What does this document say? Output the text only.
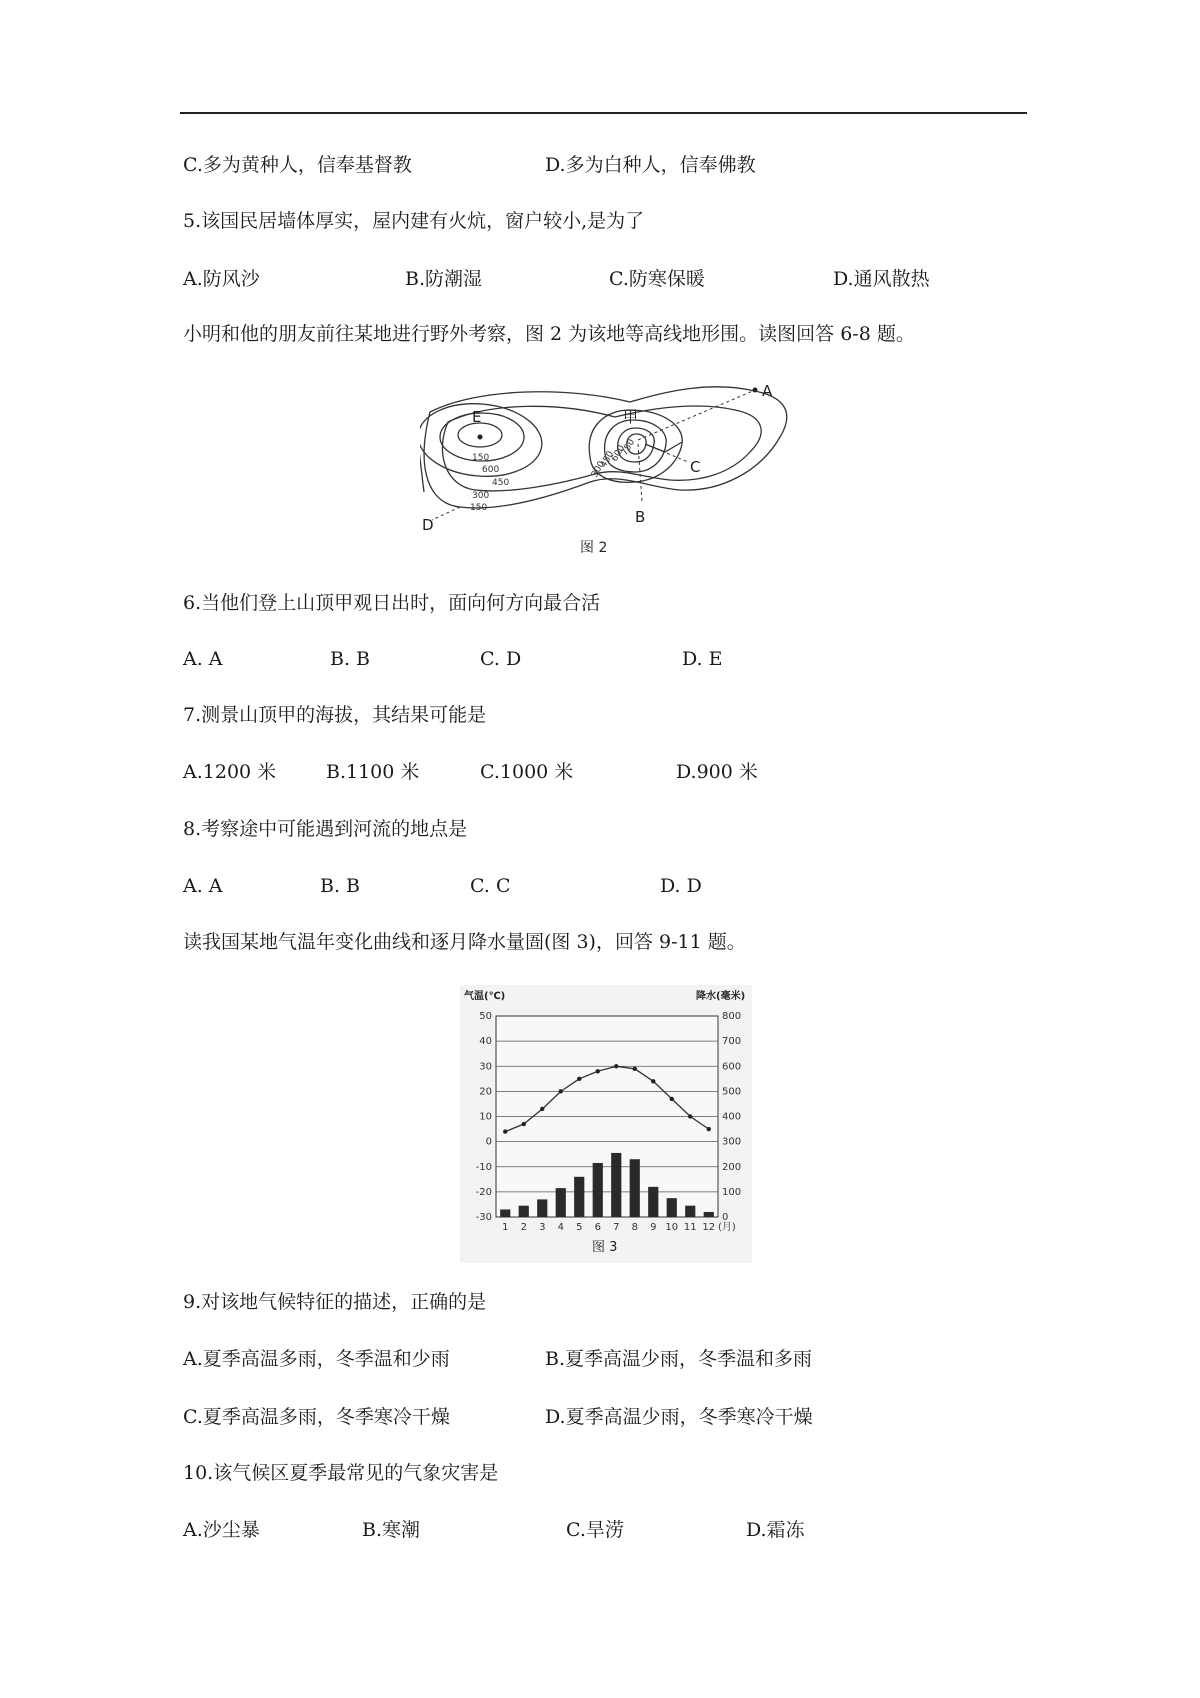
C.多为黄种人，信奉基督教	D.多为白种人，信奉佛教
5.该国民居墙体厚实，屋内建有火炕，窗户较小,是为了
A.防风沙	B.防潮湿	C.防寒保暖	D.通风散热
小明和他的朋友前往某地进行野外考察，图 2 为该地等高线地形围。读图回答 6-8 题。
A
B
C
D
E	甲
150
600
450
300
150
450
600
750
300
图 2
6.当他们登上山顶甲观日出时，面向何方向最合活
A. A	B. B	C. D	D. E
7.测景山顶甲的海拔，其结果可能是
A.1200 米	B.1100 米	C.1000 米	D.900 米
8.考察途中可能遇到河流的地点是
A. A	B. B	C. C	D. D
读我国某地气温年变化曲线和逐月降水量圄(图 3)，回答 9-11 题。
气温(℃)	降水(毫米)
50
40
30
20
10
0
-10
-20
-30
800
700
600
500
400
300
200
100
0
1 2 3 4 5 6 7 8 9 10 11 12 (月)
图 3
9.对该地气候特征的描述，正确的是
A.夏季高温多雨，冬季温和少雨	B.夏季高温少雨，冬季温和多雨
C.夏季高温多雨，冬季寒冷干燥	D.夏季高温少雨，冬季寒冷干燥
10.该气候区夏季最常见的气象灾害是
A.沙尘暴	B.寒潮	C.旱涝	D.霜冻
